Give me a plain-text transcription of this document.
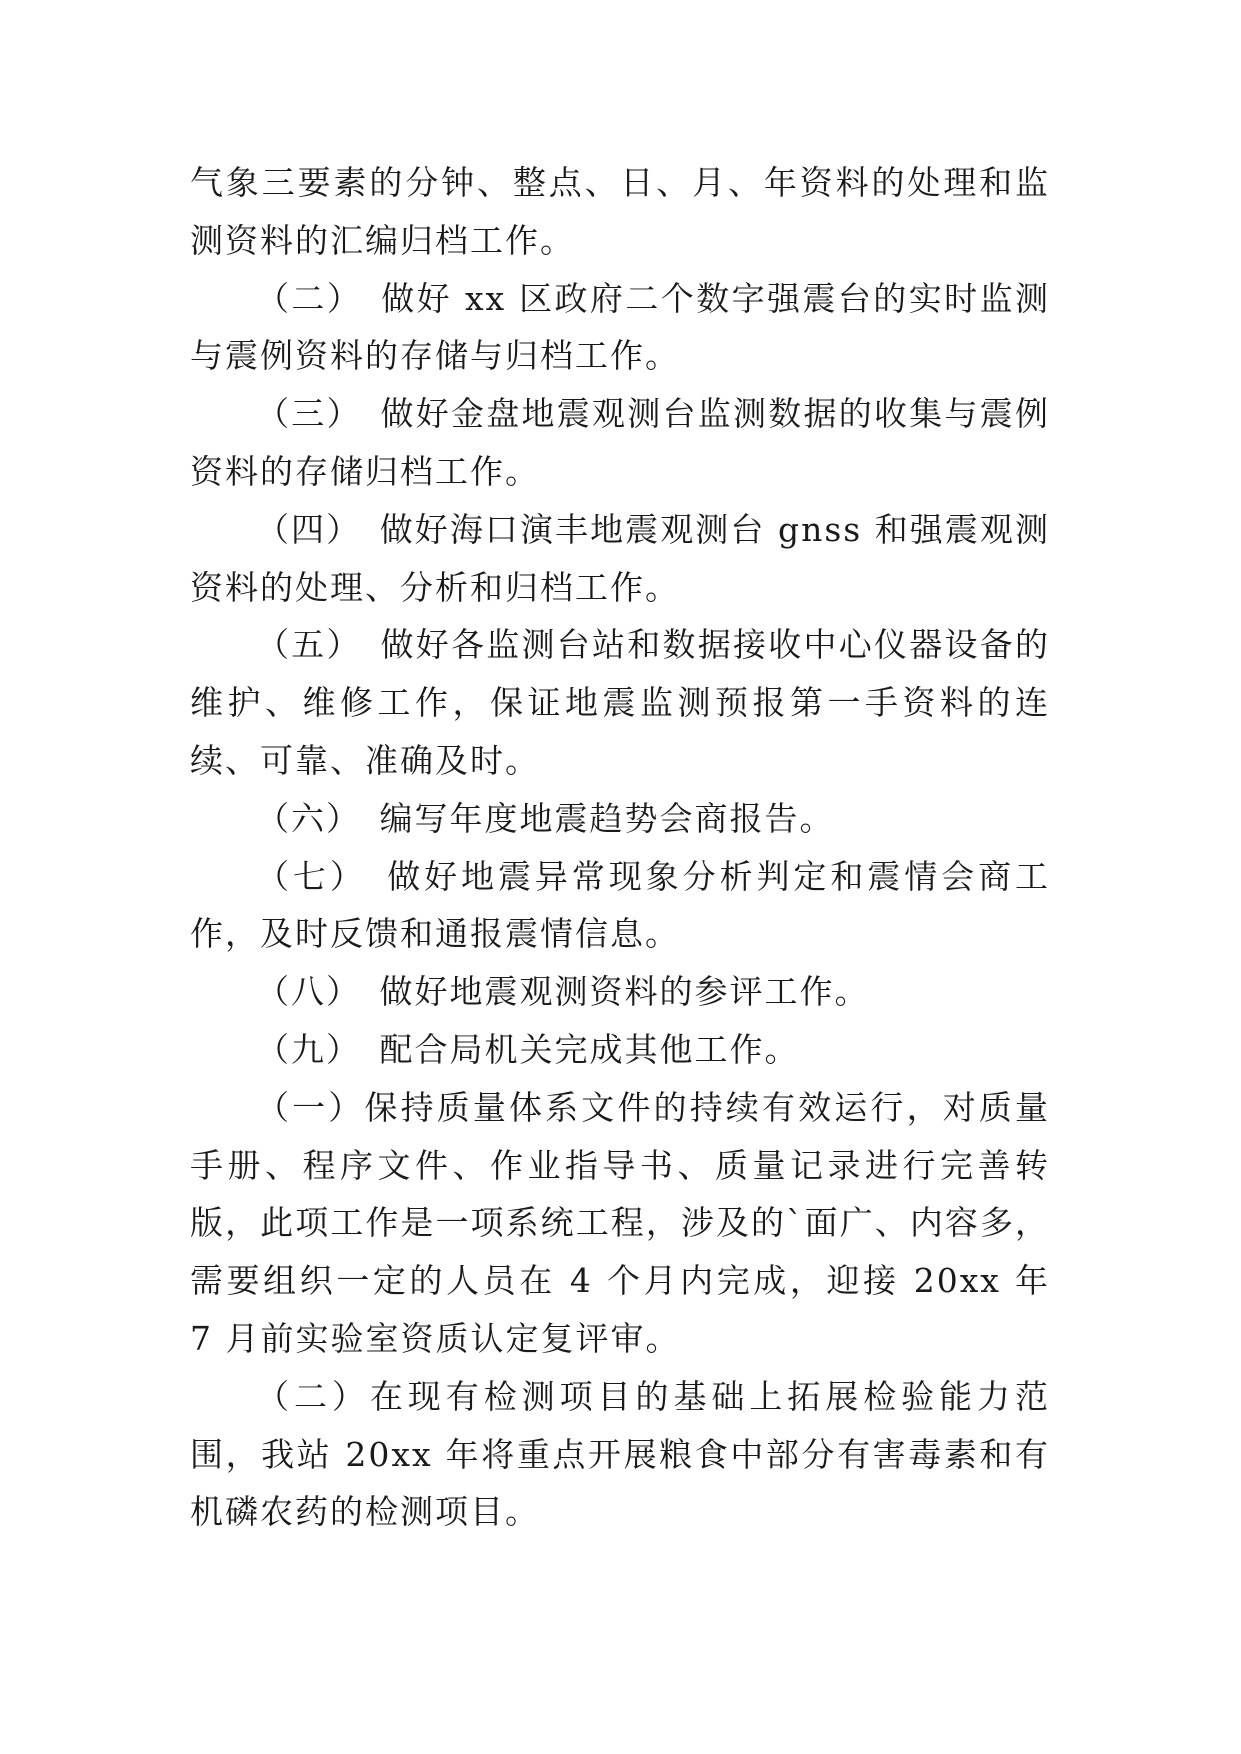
气象三要素的分钟、整点、日、月、年资料的处理和监测资料的汇编归档工作。

（二）　做好 xx 区政府二个数字强震台的实时监测与震例资料的存储与归档工作。

（三）　做好金盘地震观测台监测数据的收集与震例资料的存储归档工作。

（四）　做好海口演丰地震观测台 gnss 和强震观测资料的处理、分析和归档工作。

（五）　做好各监测台站和数据接收中心仪器设备的维护、维修工作，保证地震监测预报第一手资料的连续、可靠、准确及时。

（六）　编写年度地震趋势会商报告。

（七）　做好地震异常现象分析判定和震情会商工作，及时反馈和通报震情信息。

（八）　做好地震观测资料的参评工作。

（九）　配合局机关完成其他工作。

（一）保持质量体系文件的持续有效运行，对质量手册、程序文件、作业指导书、质量记录进行完善转版，此项工作是一项系统工程，涉及的`面广、内容多，需要组织一定的人员在 4 个月内完成，迎接 20xx 年 7 月前实验室资质认定复评审。

（二）在现有检测项目的基础上拓展检验能力范围，我站 20xx 年将重点开展粮食中部分有害毒素和有机磷农药的检测项目。
